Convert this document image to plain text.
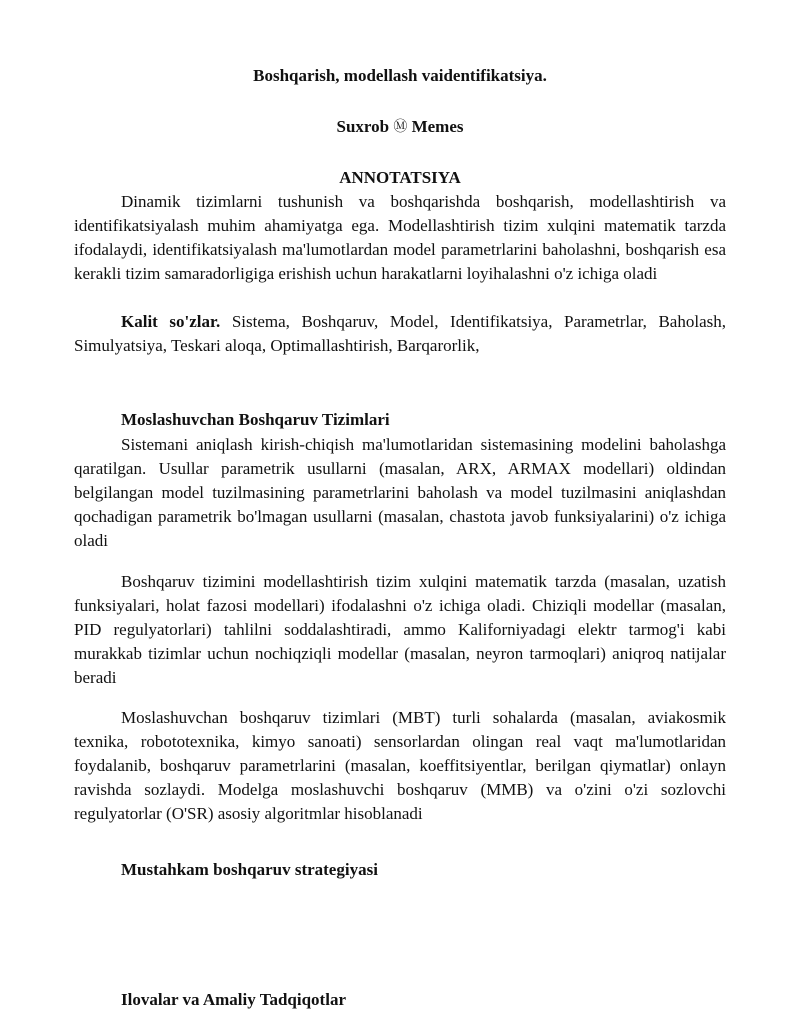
Boshqarish, modellash vaidentifikatsiya.
Suxrob Ⓜ Memes
ANNOTATSIYA

Dinamik tizimlarni tushunish va boshqarishda boshqarish, modellashtirish va identifikatsiyalash muhim ahamiyatga ega. Modellashtirish tizim xulqini matematik tarzda ifodalaydi, identifikatsiyalash ma'lumotlardan model parametrlarini baholashni, boshqarish esa kerakli tizim samaradorligiga erishish uchun harakatlarni loyihalashni o'z ichiga oladi

Kalit so'zlar. Sistema, Boshqaruv, Model, Identifikatsiya, Parametrlar, Baholash, Simulyatsiya, Teskari aloqa, Optimallashtirish, Barqarorlik,

Moslashuvchan Boshqaruv Tizimlari

Sistemani aniqlash kirish-chiqish ma'lumotlaridan sistemasining modelini baholashga qaratilgan. Usullar parametrik usullarni (masalan, ARX, ARMAX modellari) oldindan belgilangan model tuzilmasining parametrlarini baholash va model tuzilmasini aniqlashdan qochadigan parametrik bo'lmagan usullarni (masalan, chastota javob funksiyalarini) o'z ichiga oladi

Boshqaruv tizimini modellashtirish tizim xulqini matematik tarzda (masalan, uzatish funksiyalari, holat fazosi modellari) ifodalashni o'z ichiga oladi. Chiziqli modellar (masalan, PID regulyatorlari) tahlilni soddalashtiradi, ammo Kaliforniyadagi elektr tarmog'i kabi murakkab tizimlar uchun nochiqziqli modellar (masalan, neyron tarmoqlari) aniqroq natijalar beradi

Moslashuvchan boshqaruv tizimlari (MBT) turli sohalarda (masalan, aviakosmik texnika, robototexnika, kimyo sanoati) sensorlardan olingan real vaqt ma'lumotlaridan foydalanib, boshqaruv parametrlarini (masalan, koeffitsiyentlar, berilgan qiymatlar) onlayn ravishda sozlaydi. Modelga moslashuvchi boshqaruv (MMB) va o'zini o'zi sozlovchi regulyatorlar (O'SR) asosiy algoritmlar hisoblanadi

Mustahkam boshqaruv strategiyasi
Ilovalar va Amaliy Tadqiqotlar
